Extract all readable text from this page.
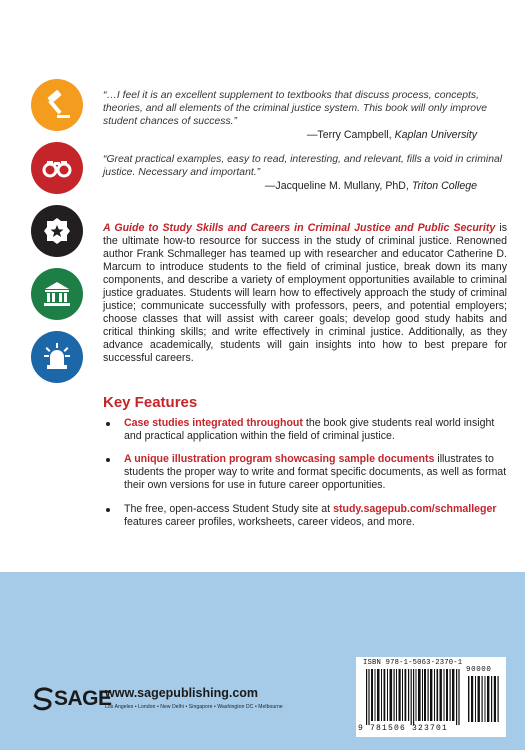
“…I feel it is an excellent supplement to textbooks that discuss process, concepts, theories, and all elements of the criminal justice system. This book will only improve student chances of success.”
—Terry Campbell, Kaplan University
“Great practical examples, easy to read, interesting, and relevant, fills a void in criminal justice. Necessary and important.”
—Jacqueline M. Mullany, PhD, Triton College
A Guide to Study Skills and Careers in Criminal Justice and Public Security is the ultimate how-to resource for success in the study of criminal justice. Renowned author Frank Schmalleger has teamed up with researcher and educator Catherine D. Marcum to introduce students to the field of criminal justice, break down its many components, and describe a variety of employment opportunities available to criminal justice graduates. Students will learn how to effectively approach the study of criminal justice; communicate successfully with professors, peers, and potential employers; choose classes that will assist with career goals; develop good study habits and critical thinking skills; and write effectively in criminal justice. Additionally, as they advance academically, students will gain insights into how to best prepare for successful careers.
Key Features
Case studies integrated throughout the book give students real world insight and practical application within the field of criminal justice.
A unique illustration program showcasing sample documents illustrates to students the proper way to write and format specific documents, as well as format their own versions for use in future career opportunities.
The free, open-access Student Study site at study.sagepub.com/schmalleger features career profiles, worksheets, career videos, and more.
SAGE
www.sagepublishing.com
Los Angeles • London • New Delhi • Singapore • Washington DC • Melbourne
ISBN 978-1-5063-2370-1
90000
9 781506 323701
